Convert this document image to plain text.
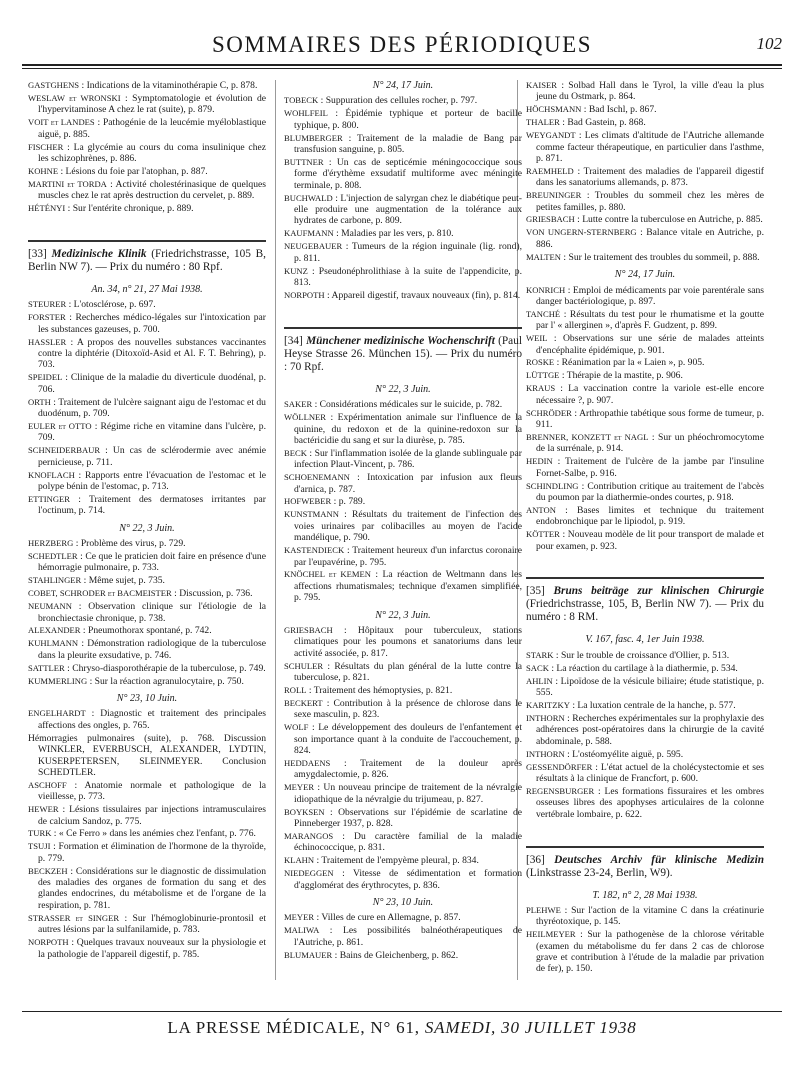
SOMMAIRES DES PÉRIODIQUES	102

GASTGHENS : Indications de la vitaminothérapie C, p. 878.

WESLAW et WRONSKI : Symptomatologie et évolution de l'hypervitaminose A chez le rat (suite), p. 879.

VOIT et LANDES : Pathogénie de la leucémie myéloblastique aiguë, p. 885.

FISCHER : La glycémie au cours du coma insulinique chez les schizophrènes, p. 886.

KOHNE : Lésions du foie par l'atophan, p. 887.

MARTINI et TORDA : Activité cholestérinasique de quelques muscles chez le rat après destruction du cervelet, p. 889.

HÉTÉNYI : Sur l'entérite chronique, p. 889.

[33] Medizinische Klinik (Friedrichstrasse, 105 B, Berlin NW 7). — Prix du numéro : 80 Rpf.

An. 34, n° 21, 27 Mai 1938.

STEURER : L'otosclérose, p. 697.

FORSTER : Recherches médico-légales sur l'intoxication par les substances gazeuses, p. 700.

HASSLER : A propos des nouvelles substances vaccinantes contre la diphtérie (Ditoxoïd-Asid et Al. F. T. Behring), p. 703.

SPEIDEL : Clinique de la maladie du diverticule duodénal, p. 706.

ORTH : Traitement de l'ulcère saignant aigu de l'estomac et du duodénum, p. 709.

EULER et OTTO : Régime riche en vitamine dans l'ulcère, p. 709.

SCHNEIDERBAUR : Un cas de sclérodermie avec anémie pernicieuse, p. 711.

KNOFLACH : Rapports entre l'évacuation de l'estomac et le polype bénin de l'estomac, p. 713.

ETTINGER : Traitement des dermatoses irritantes par l'octinum, p. 714.

N° 22, 3 Juin.

HERZBERG : Problème des virus, p. 729.

SCHEDTLER : Ce que le praticien doit faire en présence d'une hémorragie pulmonaire, p. 733.

STAHLINGER : Même sujet, p. 735.

COBET, SCHRODER et BACMEISTER : Discussion, p. 736.

NEUMANN : Observation clinique sur l'étiologie de la bronchiectasie chronique, p. 738.

ALEXANDER : Pneumothorax spontané, p. 742.

KUHLMANN : Démonstration radiologique de la tuberculose dans la pleurite exsudative, p. 746.

SATTLER : Chryso-diasporothérapie de la tuberculose, p. 749.

KUMMERLING : Sur la réaction agranulocytaire, p. 750.

N° 23, 10 Juin.

ENGELHARDT : Diagnostic et traitement des principales affections des ongles, p. 765.

Hémorragies pulmonaires (suite), p. 768. Discussion WINKLER, EVERBUSCH, ALEXANDER, LYDTIN, KUSERPETERSEN, SLEINMEYER. Conclusion SCHEDTLER.

ASCHOFF : Anatomie normale et pathologique de la vieillesse, p. 773.

HEWER : Lésions tissulaires par injections intramusculaires de calcium Sandoz, p. 775.

TURK : « Ce Ferro » dans les anémies chez l'enfant, p. 776.

TSUJI : Formation et élimination de l'hormone de la thyroïde, p. 779.

BECKZEH : Considérations sur le diagnostic de dissimulation des maladies des organes de formation du sang et des glandes endocrines, du métabolisme et de l'organe de la respiration, p. 781.

STRASSER et SINGER : Sur l'hémoglobinurie-prontosil et autres lésions par la sulfanilamide, p. 783.

NORPOTH : Quelques travaux nouveaux sur la physiologie et la pathologie de l'appareil digestif, p. 785.

N° 24, 17 Juin.

TOBECK : Suppuration des cellules rocher, p. 797.

WOHLFEIL : Épidémie typhique et porteur de bacille typhique, p. 800.

BLUMBERGER : Traitement de la maladie de Bang par transfusion sanguine, p. 805.

BUTTNER : Un cas de septicémie méningococcique sous forme d'érythème exsudatif multiforme avec méningite terminale, p. 808.

BUCHWALD : L'injection de salyrgan chez le diabétique peut-elle produire une augmentation de la tolérance aux hydrates de carbone, p. 809.

KAUFMANN : Maladies par les vers, p. 810.

NEUGEBAUER : Tumeurs de la région inguinale (lig. rond), p. 811.

KUNZ : Pseudonéphrolithiase à la suite de l'appendicite, p. 813.

NORPOTH : Appareil digestif, travaux nouveaux (fin), p. 814.

[34] Münchener medizinische Wochenschrift (Paul Heyse Strasse 26. München 15). — Prix du numéro : 70 Rpf.

N° 22, 3 Juin.

SAKER : Considérations médicales sur le suicide, p. 782.

WÖLLNER : Expérimentation animale sur l'influence de la quinine, du redoxon et de la quinine-redoxon sur la bactéricidie du sang et sur la diurèse, p. 785.

BECK : Sur l'inflammation isolée de la glande sublinguale par infection Plaut-Vincent, p. 786.

SCHOENEMANN : Intoxication par infusion aux fleurs d'arnica, p. 787.

HOFWEBER : p. 789.

KUNSTMANN : Résultats du traitement de l'infection des voies urinaires par colibacilles au moyen de l'acide mandélique, p. 790.

KASTENDIECK : Traitement heureux d'un infarctus coronaire par l'eupavérine, p. 795.

KNÖCHEL et KEMEN : La réaction de Weltmann dans les affections rhumatismales; technique d'examen simplifiée, p. 795.

N° 22, 3 Juin.

GRIESBACH : Hôpitaux pour tuberculeux, stations climatiques pour les poumons et sanatoriums dans leur activité associée, p. 817.

SCHULER : Résultats du plan général de la lutte contre la tuberculose, p. 821.

ROLL : Traitement des hémoptysies, p. 821.

BECKERT : Contribution à la présence de chlorose dans le sexe masculin, p. 823.

WOLF : Le développement des douleurs de l'enfantement et son importance quant à la conduite de l'accouchement, p. 824.

HEDDAENS : Traitement de la douleur après amygdalectomie, p. 826.

MEYER : Un nouveau principe de traitement de la névralgie idiopathique de la névralgie du trijumeau, p. 827.

BOYKSEN : Observations sur l'épidémie de scarlatine de Pinneberger 1937, p. 828.

MARANGOS : Du caractère familial de la maladie échinococcique, p. 831.

KLAHN : Traitement de l'empyème pleural, p. 834.

NIEDEGGEN : Vitesse de sédimentation et formation d'agglomérat des érythrocytes, p. 836.

N° 23, 10 Juin.

MEYER : Villes de cure en Allemagne, p. 857.

MALIWA : Les possibilités balnéothérapeutiques de l'Autriche, p. 861.

BLUMAUER : Bains de Gleichenberg, p. 862.

KAISER : Solbad Hall dans le Tyrol, la ville d'eau la plus jeune du Ostmark, p. 864.

HÖCHSMANN : Bad Ischl, p. 867.

THALER : Bad Gastein, p. 868.

WEYGANDT : Les climats d'altitude de l'Autriche allemande comme facteur thérapeutique, en particulier dans l'asthme, p. 871.

RAEMHELD : Traitement des maladies de l'appareil digestif dans les sanatoriums allemands, p. 873.

BREUNINGER : Troubles du sommeil chez les mères de petites familles, p. 880.

GRIESBACH : Lutte contre la tuberculose en Autriche, p. 885.

VON UNGERN-STERNBERG : Balance vitale en Autriche, p. 886.

MALTEN : Sur le traitement des troubles du sommeil, p. 888.

N° 24, 17 Juin.

KONRICH : Emploi de médicaments par voie parentérale sans danger bactériologique, p. 897.

TANCHÉ : Résultats du test pour le rhumatisme et la goutte par l' « allerginen », d'après F. Gudzent, p. 899.

WEIL : Observations sur une série de malades atteints d'encéphalite épidémique, p. 901.

ROSKE : Réanimation par la « Laien », p. 905.

LÜTTGE : Thérapie de la mastite, p. 906.

KRAUS : La vaccination contre la variole est-elle encore nécessaire ?, p. 907.

SCHRÖDER : Arthropathie tabétique sous forme de tumeur, p. 911.

BRENNER, KONZETT et NAGL : Sur un phéochromocytome de la surrénale, p. 914.

HEDIN : Traitement de l'ulcère de la jambe par l'insuline Fornet-Salbe, p. 916.

SCHINDLING : Contribution critique au traitement de l'abcès du poumon par la diathermie-ondes courtes, p. 918.

ANTON : Bases limites et technique du traitement endobronchique par le lipiodol, p. 919.

KÖTTER : Nouveau modèle de lit pour transport de malade et pour examen, p. 923.

[35] Bruns beiträge zur klinischen Chirurgie (Friedrichstrasse, 105, B, Berlin NW 7). — Prix du numéro : 8 RM.

V. 167, fasc. 4, 1er Juin 1938.

STARK : Sur le trouble de croissance d'Ollier, p. 513.

SACK : La réaction du cartilage à la diathermie, p. 534.

AHLIN : Lipoïdose de la vésicule biliaire; étude statistique, p. 555.

KARITZKY : La luxation centrale de la hanche, p. 577.

INTHORN : Recherches expérimentales sur la prophylaxie des adhérences post-opératoires dans la chirurgie de la cavité abdominale, p. 588.

INTHORN : L'ostéomyélite aiguë, p. 595.

GESSENDÖRFER : L'état actuel de la cholécystectomie et ses résultats à la clinique de Francfort, p. 600.

REGENSBURGER : Les formations fissuraires et les ombres osseuses libres des apophyses articulaires de la colonne vertébrale lombaire, p. 622.

[36] Deutsches Archiv für klinische Medizin (Linkstrasse 23-24, Berlin, W9).

T. 182, n° 2, 28 Mai 1938.

PLEHWE : Sur l'action de la vitamine C dans la créatinurie thyréotoxique, p. 145.

HEILMEYER : Sur la pathogenèse de la chlorose véritable (examen du métabolisme du fer dans 2 cas de chlorose grave et contribution à l'étude de la maladie par privation de fer), p. 150.

LA PRESSE MÉDICALE, N° 61, SAMEDI, 30 JUILLET 1938
